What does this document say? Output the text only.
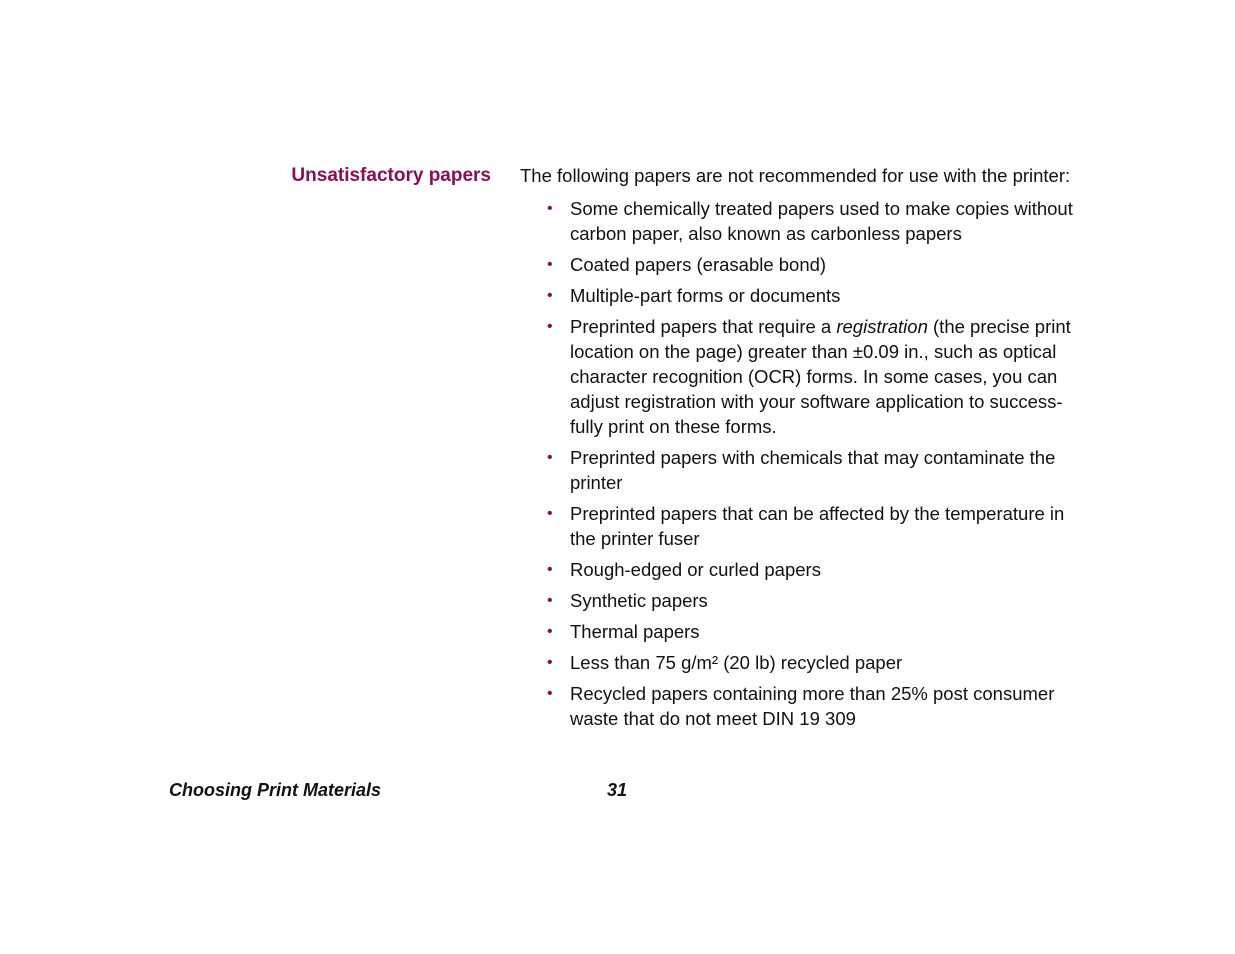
Unsatisfactory papers The following papers are not recommended for use with the printer:

• Some chemically treated papers used to make copies without carbon paper, also known as carbonless papers
• Coated papers (erasable bond)
• Multiple-part forms or documents
• Preprinted papers that require a registration (the precise print location on the page) greater than ±0.09 in., such as optical character recognition (OCR) forms. In some cases, you can adjust registration with your software application to success-fully print on these forms.
• Preprinted papers with chemicals that may contaminate the printer
• Preprinted papers that can be affected by the temperature in the printer fuser
• Rough-edged or curled papers
• Synthetic papers
• Thermal papers
• Less than 75 g/m² (20 lb) recycled paper
• Recycled papers containing more than 25% post consumer waste that do not meet DIN 19 309

Choosing Print Materials	31
